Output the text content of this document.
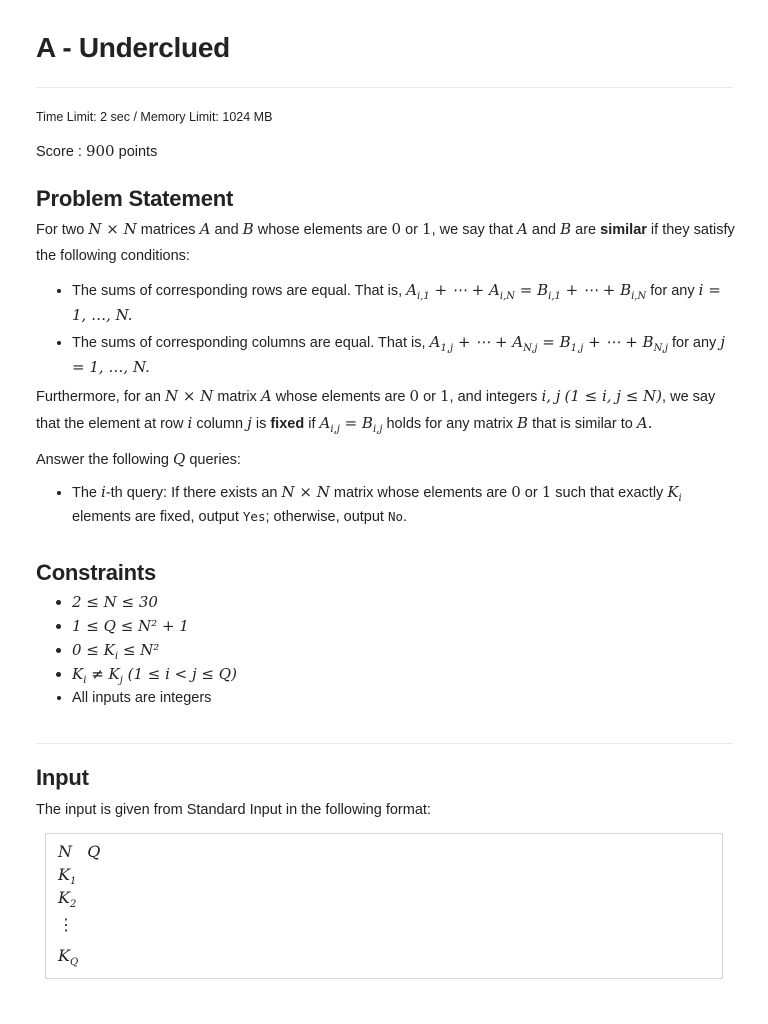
A - Underclued
Time Limit: 2 sec / Memory Limit: 1024 MB
Score : 900 points
Problem Statement

For two N × N matrices A and B whose elements are 0 or 1, we say that A and B are similar if they satisfy the following conditions:

• The sums of corresponding rows are equal. That is, $A_{i,1}$ + ⋯ + $A_{i,N} = B_{i,1}$ + ⋯ + $B_{i,N}$ for any i = 1, …, N.
• The sums of corresponding columns are equal. That is, $A_{1,j}$ + ⋯ + $A_{N,j} = B_{1,j}$ + ⋯ + $B_{N,j}$ for any j = 1, …, N.

Furthermore, for an N × N matrix A whose elements are 0 or 1, and integers i, j (1 ≤ i, j ≤ N), we say that the element at row i column j is fixed if $A_{i,j} = B_{i,j}$ holds for any matrix B that is similar to A.

Answer the following Q queries:

• The i-th query: If there exists an N × N matrix whose elements are 0 or 1 such that exactly $K_i$ elements are fixed, output Yes; otherwise, output No.
Constraints
• 2 ≤ N ≤ 30
• 1 ≤ Q ≤ N² + 1
• $0 \le K_i \le N^2$
• $K_i \ne K_j$ (1 ≤ i < j ≤ Q)
• All inputs are integers
Input

The input is given from Standard Input in the following format:

N   Q
$K_1$
$K_2$
⋮
$K_Q$
